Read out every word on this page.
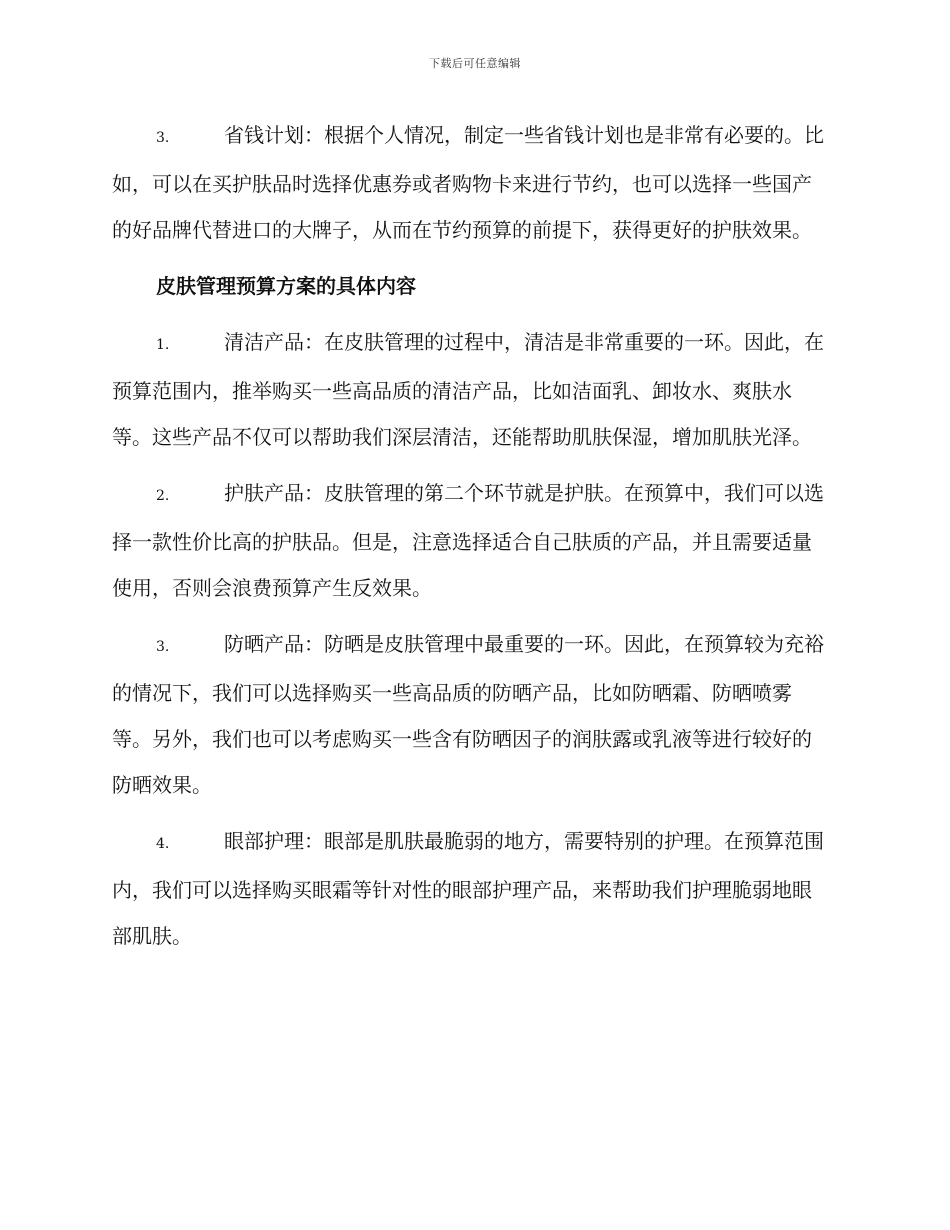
下载后可任意编辑

3.	省钱计划：根据个人情况，制定一些省钱计划也是非常有必要的。比如，可以在买护肤品时选择优惠券或者购物卡来进行节约，也可以选择一些国产的好品牌代替进口的大牌子，从而在节约预算的前提下，获得更好的护肤效果。

皮肤管理预算方案的具体内容

1.	清洁产品：在皮肤管理的过程中，清洁是非常重要的一环。因此，在预算范围内，推举购买一些高品质的清洁产品，比如洁面乳、卸妆水、爽肤水等。这些产品不仅可以帮助我们深层清洁，还能帮助肌肤保湿，增加肌肤光泽。

2.	护肤产品：皮肤管理的第二个环节就是护肤。在预算中，我们可以选择一款性价比高的护肤品。但是，注意选择适合自己肤质的产品，并且需要适量使用，否则会浪费预算产生反效果。

3.	防晒产品：防晒是皮肤管理中最重要的一环。因此，在预算较为充裕的情况下，我们可以选择购买一些高品质的防晒产品，比如防晒霜、防晒喷雾等。另外，我们也可以考虑购买一些含有防晒因子的润肤露或乳液等进行较好的防晒效果。

4.	眼部护理：眼部是肌肤最脆弱的地方，需要特别的护理。在预算范围内，我们可以选择购买眼霜等针对性的眼部护理产品，来帮助我们护理脆弱地眼部肌肤。
